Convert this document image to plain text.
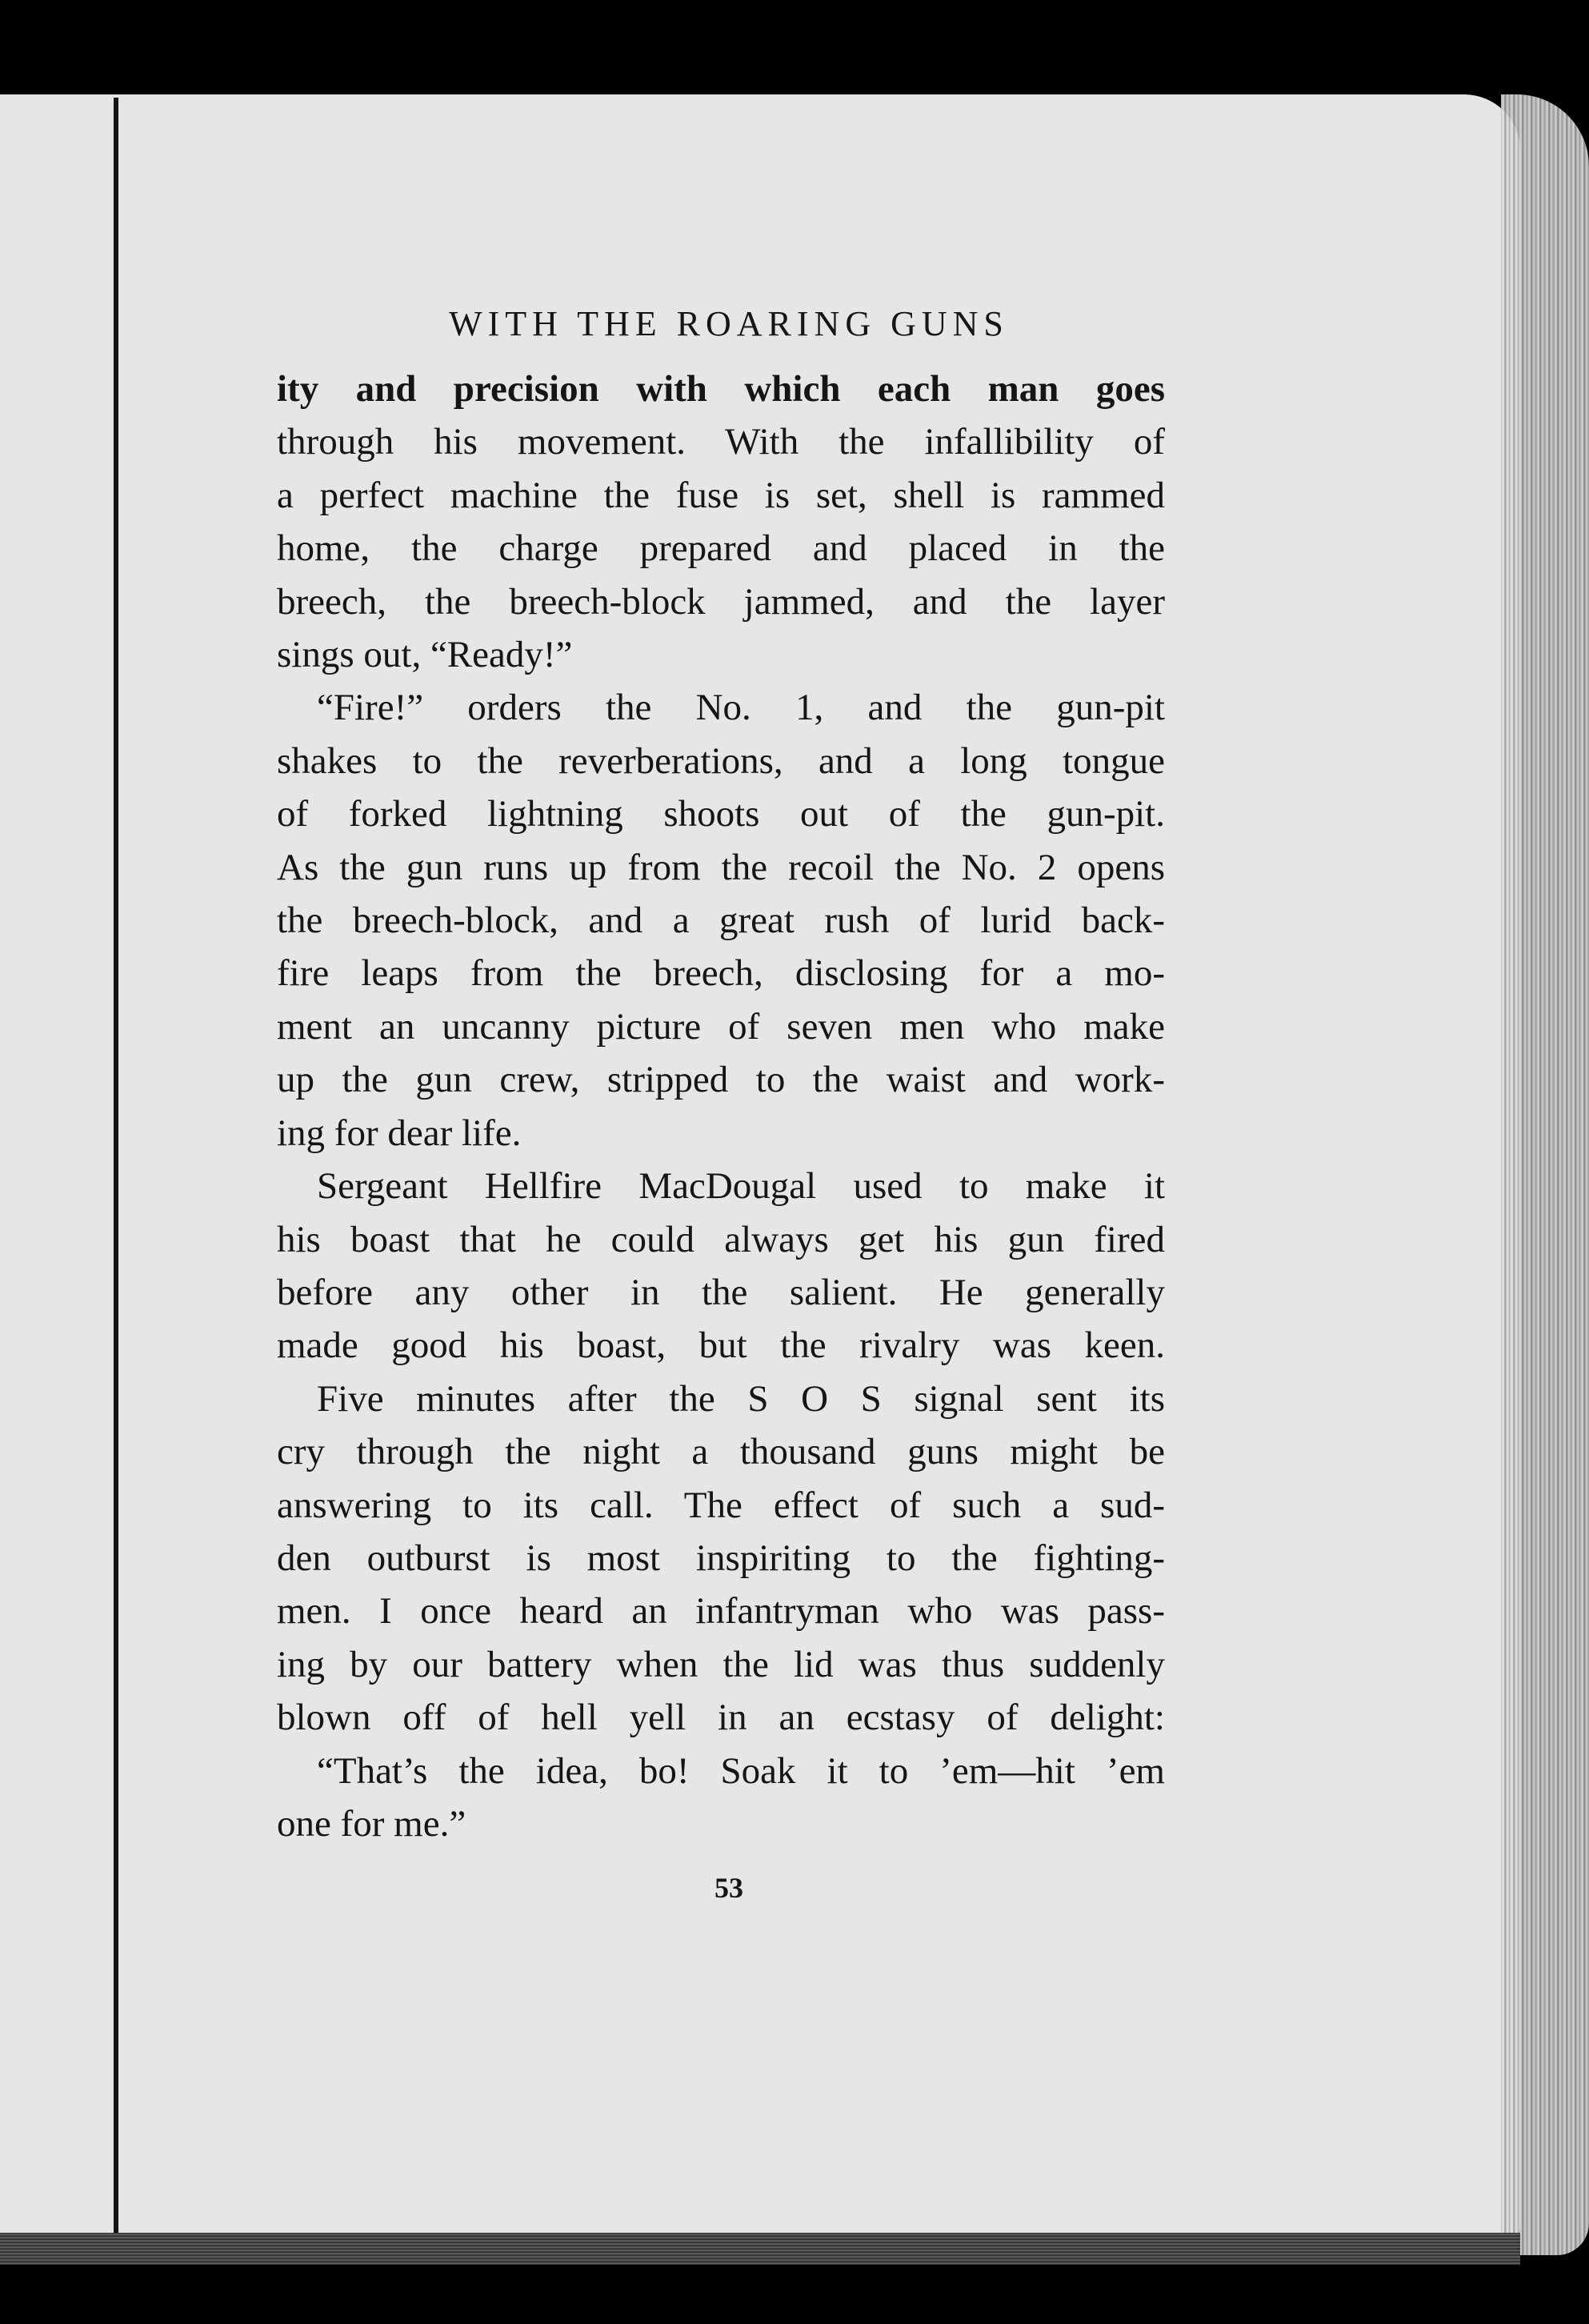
WITH THE ROARING GUNS
ity and precision with which each man goes
through his movement. With the infallibility of
a perfect machine the fuse is set, shell is rammed
home, the charge prepared and placed in the
breech, the breech-block jammed, and the layer
sings out, “Ready!”
“Fire!” orders the No. 1, and the gun-pit
shakes to the reverberations, and a long tongue
of forked lightning shoots out of the gun-pit.
As the gun runs up from the recoil the No. 2 opens
the breech-block, and a great rush of lurid back-
fire leaps from the breech, disclosing for a mo-
ment an uncanny picture of seven men who make
up the gun crew, stripped to the waist and work-
ing for dear life.
Sergeant Hellfire MacDougal used to make it
his boast that he could always get his gun fired
before any other in the salient. He generally
made good his boast, but the rivalry was keen.
Five minutes after the S O S signal sent its
cry through the night a thousand guns might be
answering to its call. The effect of such a sud-
den outburst is most inspiriting to the fighting-
men. I once heard an infantryman who was pass-
ing by our battery when the lid was thus suddenly
blown off of hell yell in an ecstasy of delight:
“That’s the idea, bo! Soak it to ’em—hit ’em
one for me.”
53
